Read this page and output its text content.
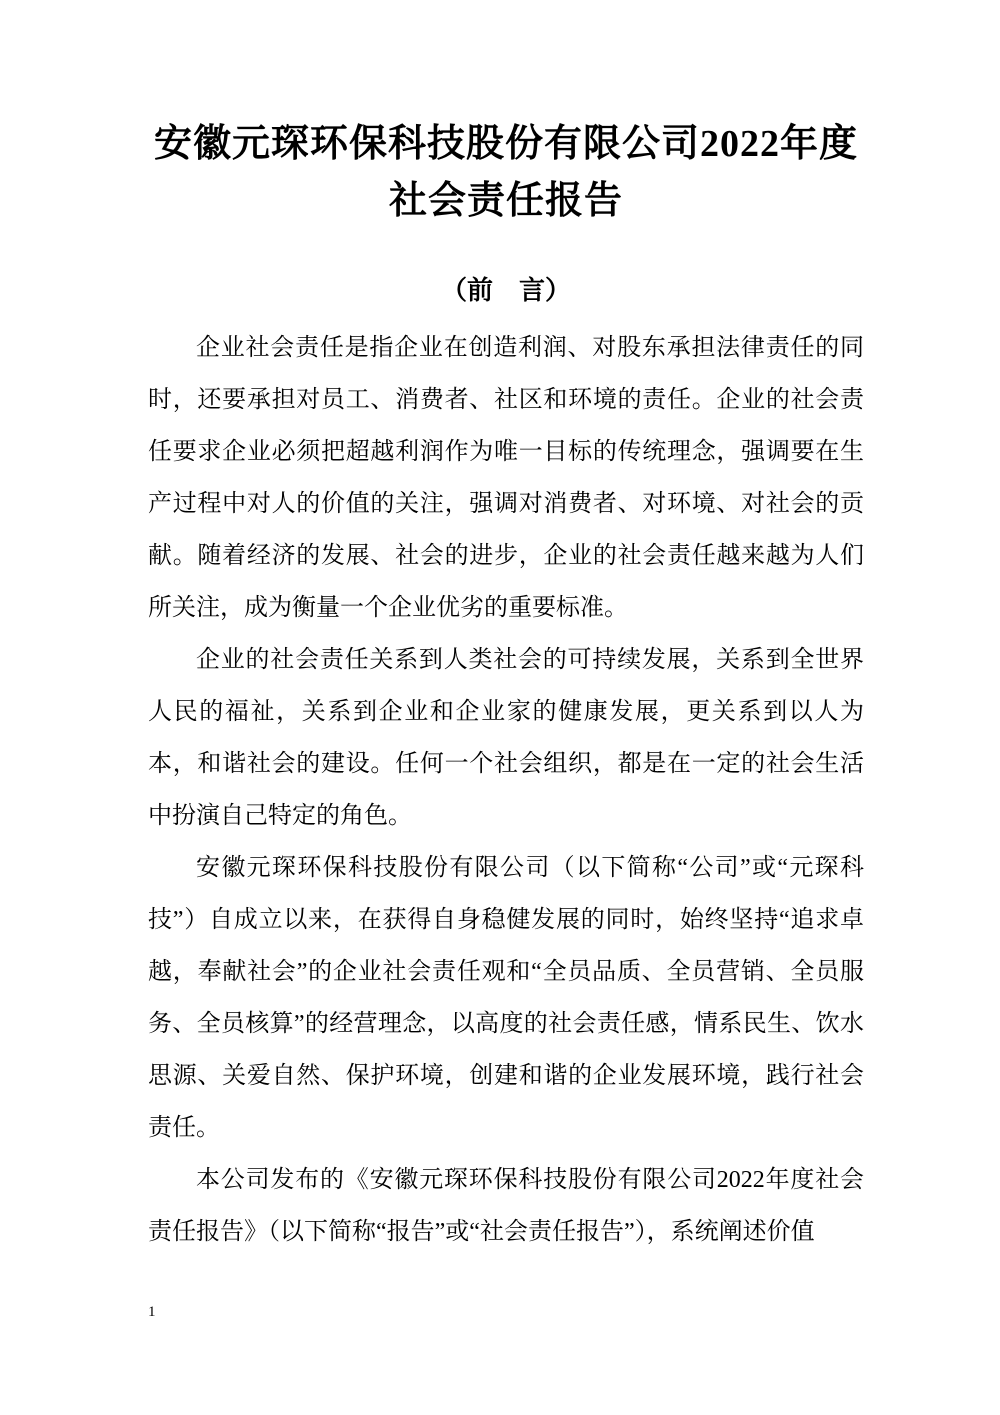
安徽元琛环保科技股份有限公司2022年度
社会责任报告
（前　言）

企业社会责任是指企业在创造利润、对股东承担法律责任的同时，还要承担对员工、消费者、社区和环境的责任。企业的社会责任要求企业必须把超越利润作为唯一目标的传统理念，强调要在生产过程中对人的价值的关注，强调对消费者、对环境、对社会的贡献。随着经济的发展、社会的进步，企业的社会责任越来越为人们所关注，成为衡量一个企业优劣的重要标准。

企业的社会责任关系到人类社会的可持续发展，关系到全世界人民的福祉，关系到企业和企业家的健康发展，更关系到以人为本，和谐社会的建设。任何一个社会组织，都是在一定的社会生活中扮演自己特定的角色。

安徽元琛环保科技股份有限公司（以下简称“公司”或“元琛科技”）自成立以来，在获得自身稳健发展的同时，始终坚持“追求卓越，奉献社会”的企业社会责任观和“全员品质、全员营销、全员服务、全员核算”的经营理念，以高度的社会责任感，情系民生、饮水思源、关爱自然、保护环境，创建和谐的企业发展环境，践行社会责任。

本公司发布的《安徽元琛环保科技股份有限公司2022年度社会责任报告》（以下简称“报告”或“社会责任报告”），系统阐述价值

1
